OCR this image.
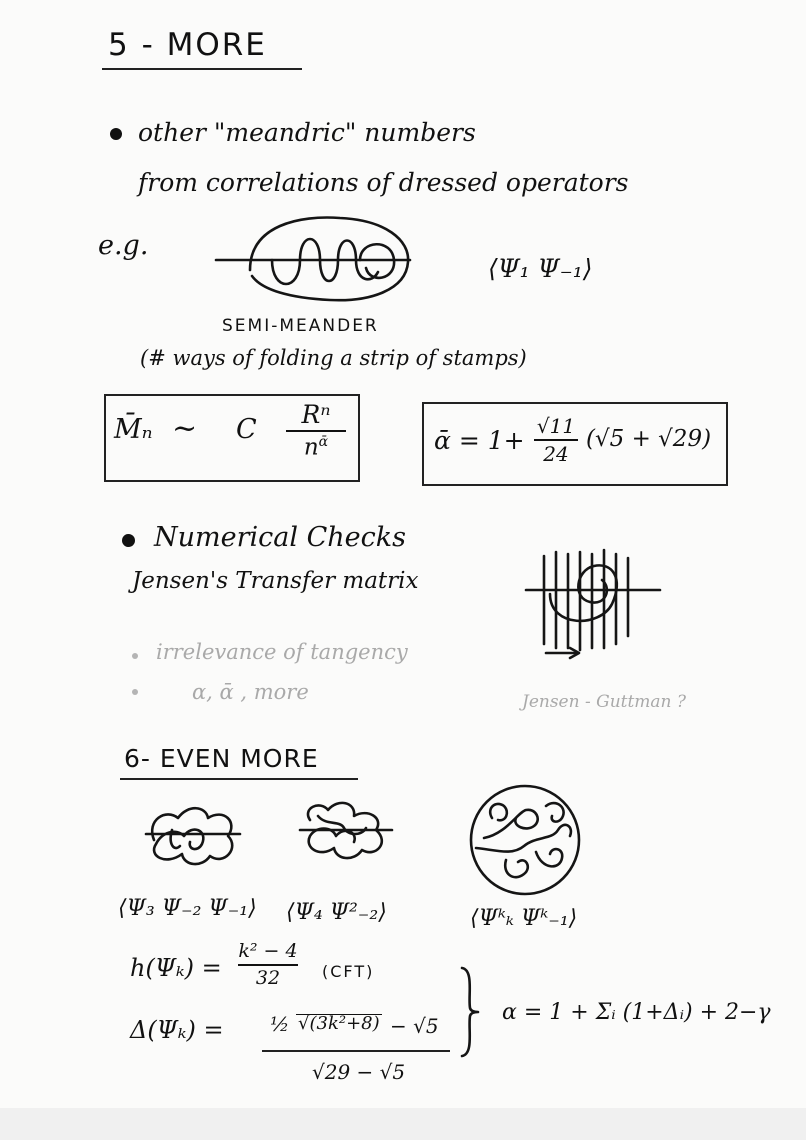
5 - MORE
other "meandric" numbers
from correlations of dressed operators
e.g.
⟨Ψ₁ Ψ₋₁⟩
SEMI-MEANDER
(# ways of folding a strip of stamps)
M̄ₙ ~ C Rⁿ
$n^ᾱ$	ᾱ = 1+ √11
24
(√5 + √29)
Numerical Checks
Jensen's Transfer matrix
irrelevance of tangency
α, ᾱ , more	Jensen - Guttman ?
6- EVEN MORE
⟨Ψ₃ Ψ₋₂ Ψ₋₁⟩ ⟨Ψ₄ Ψ²₋₂⟩	⟨Ψᵏₖ Ψᵏ₋₁⟩
h(Ψₖ) =
k² − 4
32	(CFT)
Δ(Ψₖ) = ½ √(3k²+8) − √5
√29 − √5
α = 1 + Σᵢ (1+Δᵢ) + 2−γ
